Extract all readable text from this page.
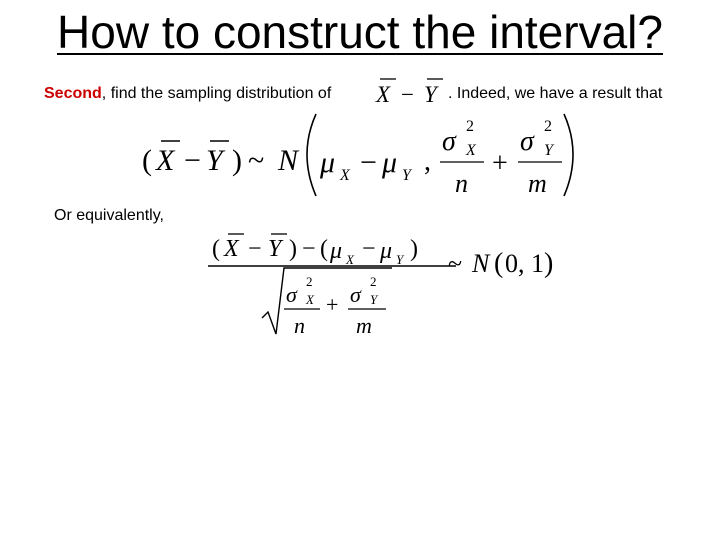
How to construct the interval?
Second, find the sampling distribution of	. Indeed, we have a result that
Or equivalently,
X − Y
( X − Y ) ~ N μ X − μ Y ,
σ 2
X
n
+
σ 2
Y
m
( X − Y ) − ( μ X − μ Y )
σ
2
X
n
+ σ
2
Y
m
~ N ( 0, 1 )
